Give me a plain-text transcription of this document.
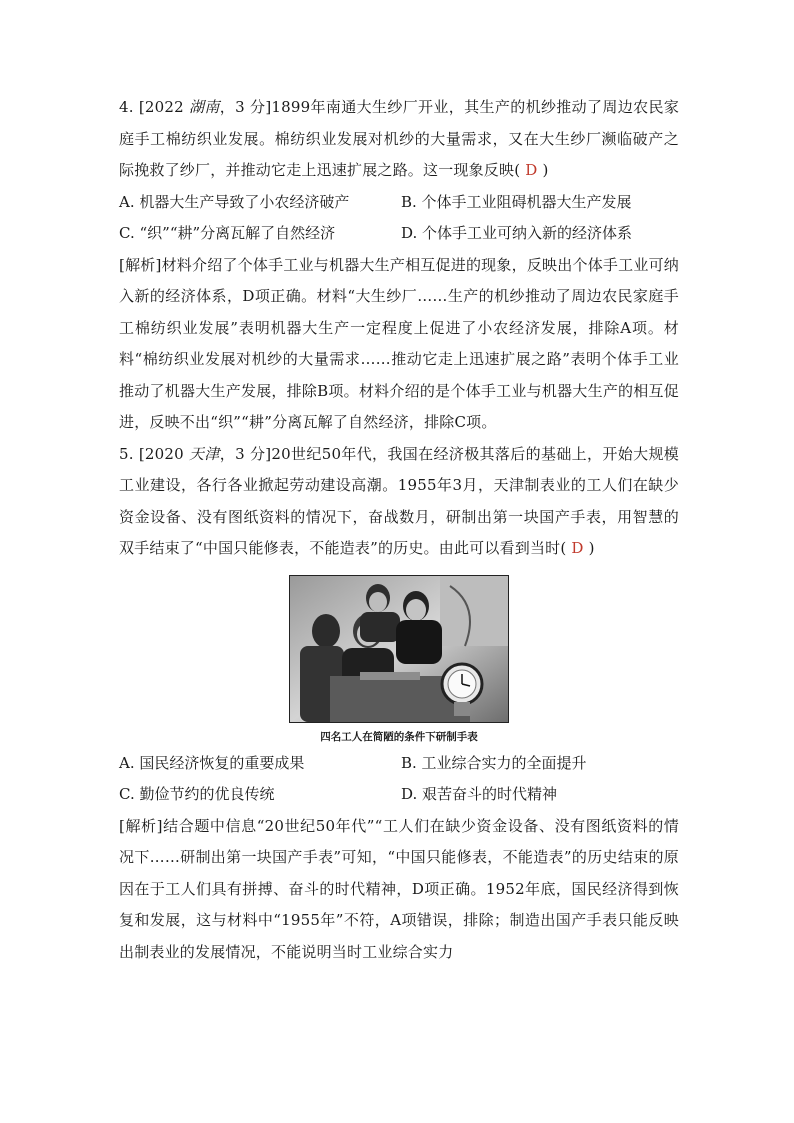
4. [2022 湖南，3 分]1899年南通大生纱厂开业，其生产的机纱推动了周边农民家庭手工棉纺织业发展。棉纺织业发展对机纱的大量需求，又在大生纱厂濒临破产之际挽救了纱厂，并推动它走上迅速扩展之路。这一现象反映( D )

A. 机器大生产导致了小农经济破产	B. 个体手工业阻碍机器大生产发展
C. “织”“耕”分离瓦解了自然经济	D. 个体手工业可纳入新的经济体系

[解析]材料介绍了个体手工业与机器大生产相互促进的现象，反映出个体手工业可纳入新的经济体系，D项正确。材料“大生纱厂……生产的机纱推动了周边农民家庭手工棉纺织业发展”表明机器大生产一定程度上促进了小农经济发展，排除A项。材料“棉纺织业发展对机纱的大量需求……推动它走上迅速扩展之路”表明个体手工业推动了机器大生产发展，排除B项。材料介绍的是个体手工业与机器大生产的相互促进，反映不出“织”“耕”分离瓦解了自然经济，排除C项。

5. [2020 天津，3 分]20世纪50年代，我国在经济极其落后的基础上，开始大规模工业建设，各行各业掀起劳动建设高潮。1955年3月，天津制表业的工人们在缺少资金设备、没有图纸资料的情况下，奋战数月，研制出第一块国产手表，用智慧的双手结束了“中国只能修表，不能造表”的历史。由此可以看到当时( D )

四名工人在简陋的条件下研制手表
A. 国民经济恢复的重要成果	B. 工业综合实力的全面提升
C. 勤俭节约的优良传统	D. 艰苦奋斗的时代精神

[解析]结合题中信息“20世纪50年代”“工人们在缺少资金设备、没有图纸资料的情况下……研制出第一块国产手表”可知，“中国只能修表，不能造表”的历史结束的原因在于工人们具有拼搏、奋斗的时代精神，D项正确。1952年底，国民经济得到恢复和发展，这与材料中“1955年”不符，A项错误，排除；制造出国产手表只能反映出制表业的发展情况，不能说明当时工业综合实力
